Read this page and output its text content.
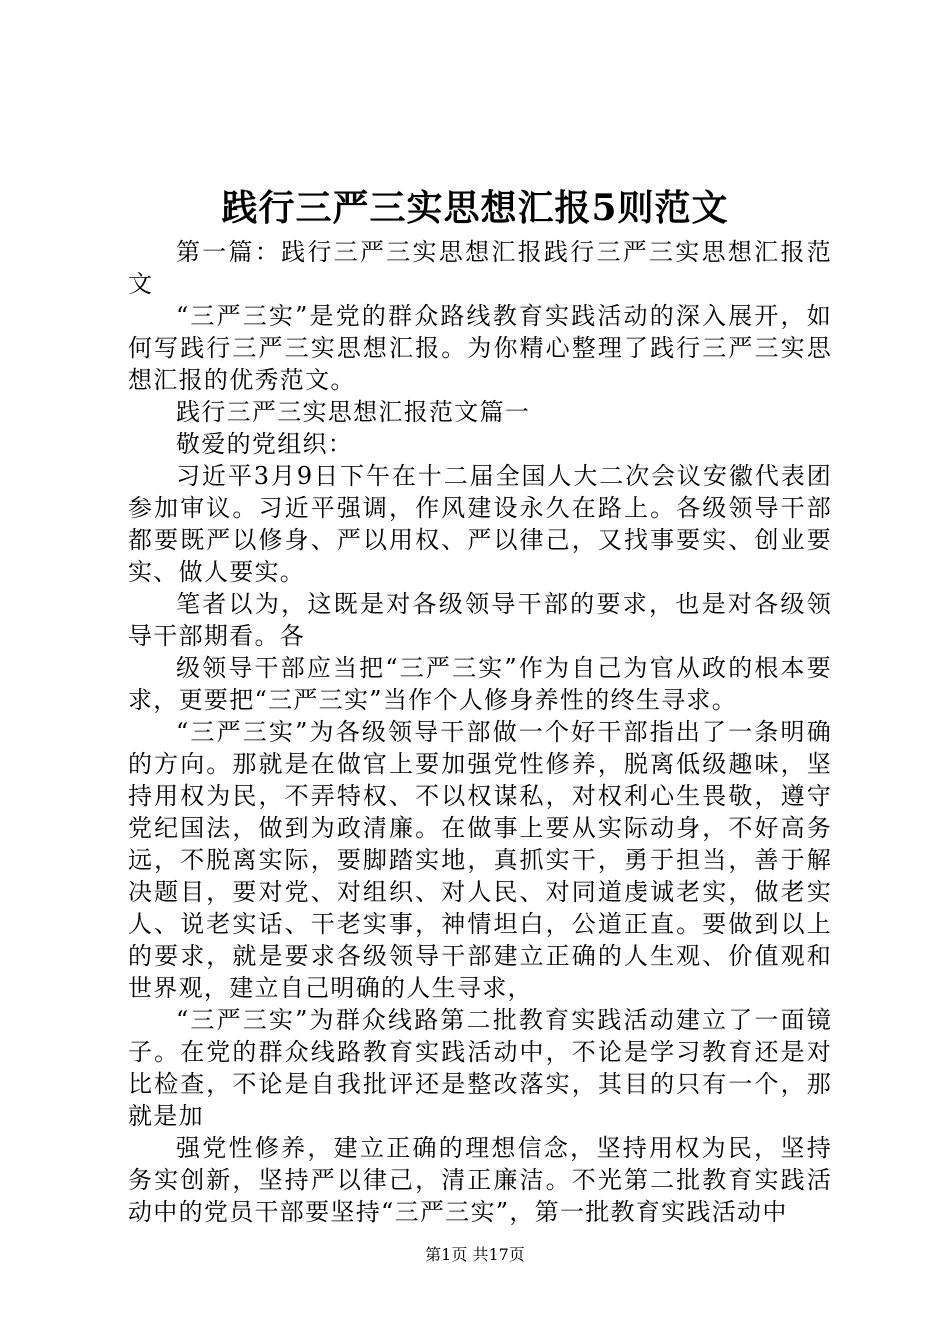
践行三严三实思想汇报5则范文

第一篇：践行三严三实思想汇报践行三严三实思想汇报范文

“三严三实”是党的群众路线教育实践活动的深入展开，如何写践行三严三实思想汇报。为你精心整理了践行三严三实思想汇报的优秀范文。

践行三严三实思想汇报范文篇一

敬爱的党组织：

习近平3月9日下午在十二届全国人大二次会议安徽代表团参加审议。习近平强调，作风建设永久在路上。各级领导干部都要既严以修身、严以用权、严以律己，又找事要实、创业要实、做人要实。

笔者以为，这既是对各级领导干部的要求，也是对各级领导干部期看。各

级领导干部应当把“三严三实”作为自己为官从政的根本要求，更要把“三严三实”当作个人修身养性的终生寻求。

“三严三实”为各级领导干部做一个好干部指出了一条明确的方向。那就是在做官上要加强党性修养，脱离低级趣味，坚持用权为民，不弄特权、不以权谋私，对权利心生畏敬，遵守党纪国法，做到为政清廉。在做事上要从实际动身，不好高务远，不脱离实际，要脚踏实地，真抓实干，勇于担当，善于解决题目，要对党、对组织、对人民、对同道虔诚老实，做老实人、说老实话、干老实事，神情坦白，公道正直。要做到以上的要求，就是要求各级领导干部建立正确的人生观、价值观和世界观，建立自己明确的人生寻求，

“三严三实”为群众线路第二批教育实践活动建立了一面镜子。在党的群众线路教育实践活动中，不论是学习教育还是对比检查，不论是自我批评还是整改落实，其目的只有一个，那就是加

强党性修养，建立正确的理想信念，坚持用权为民，坚持务实创新，坚持严以律己，清正廉洁。不光第二批教育实践活动中的党员干部要坚持“三严三实”，第一批教育实践活动中

第1页 共17页
